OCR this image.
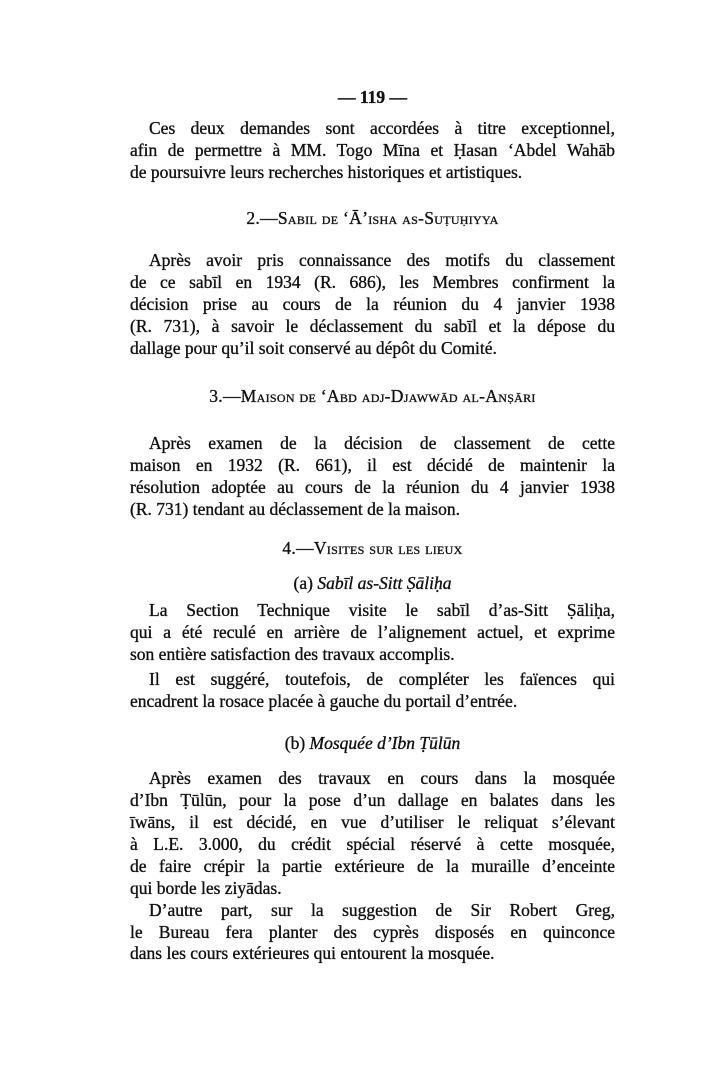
— 119 —
Ces deux demandes sont accordées à titre exceptionnel,
afin de permettre à MM. Togo Mīna et Ḥasan ‘Abdel Wahāb
de poursuivre leurs recherches historiques et artistiques.
2.—Sabil de ‘Ā’isha as-Suṭuḥiyya
Après avoir pris connaissance des motifs du classement
de ce sabīl en 1934 (R. 686), les Membres confirment la
décision prise au cours de la réunion du 4 janvier 1938
(R. 731), à savoir le déclassement du sabīl et la dépose du
dallage pour qu’il soit conservé au dépôt du Comité.
3.—Maison de ‘Abd adj-Djawwād al-Anṣāri
Après examen de la décision de classement de cette
maison en 1932 (R. 661), il est décidé de maintenir la
résolution adoptée au cours de la réunion du 4 janvier 1938
(R. 731) tendant au déclassement de la maison.
4.—Visites sur les lieux
(a) Sabīl as-Sitt Ṣāliḥa
La Section Technique visite le sabīl d’as-Sitt Ṣāliḥa,
qui a été reculé en arrière de l’alignement actuel, et exprime
son entière satisfaction des travaux accomplis.
Il est suggéré, toutefois, de compléter les faïences qui
encadrent la rosace placée à gauche du portail d’entrée.
(b) Mosquée d’Ibn Ṭūlūn
Après examen des travaux en cours dans la mosquée
d’Ibn Ṭūlūn, pour la pose d’un dallage en balates dans les
īwāns, il est décidé, en vue d’utiliser le reliquat s’élevant
à L.E. 3.000, du crédit spécial réservé à cette mosquée,
de faire crépir la partie extérieure de la muraille d’enceinte
qui borde les ziyādas.
D’autre part, sur la suggestion de Sir Robert Greg,
le Bureau fera planter des cyprès disposés en quinconce
dans les cours extérieures qui entourent la mosquée.
